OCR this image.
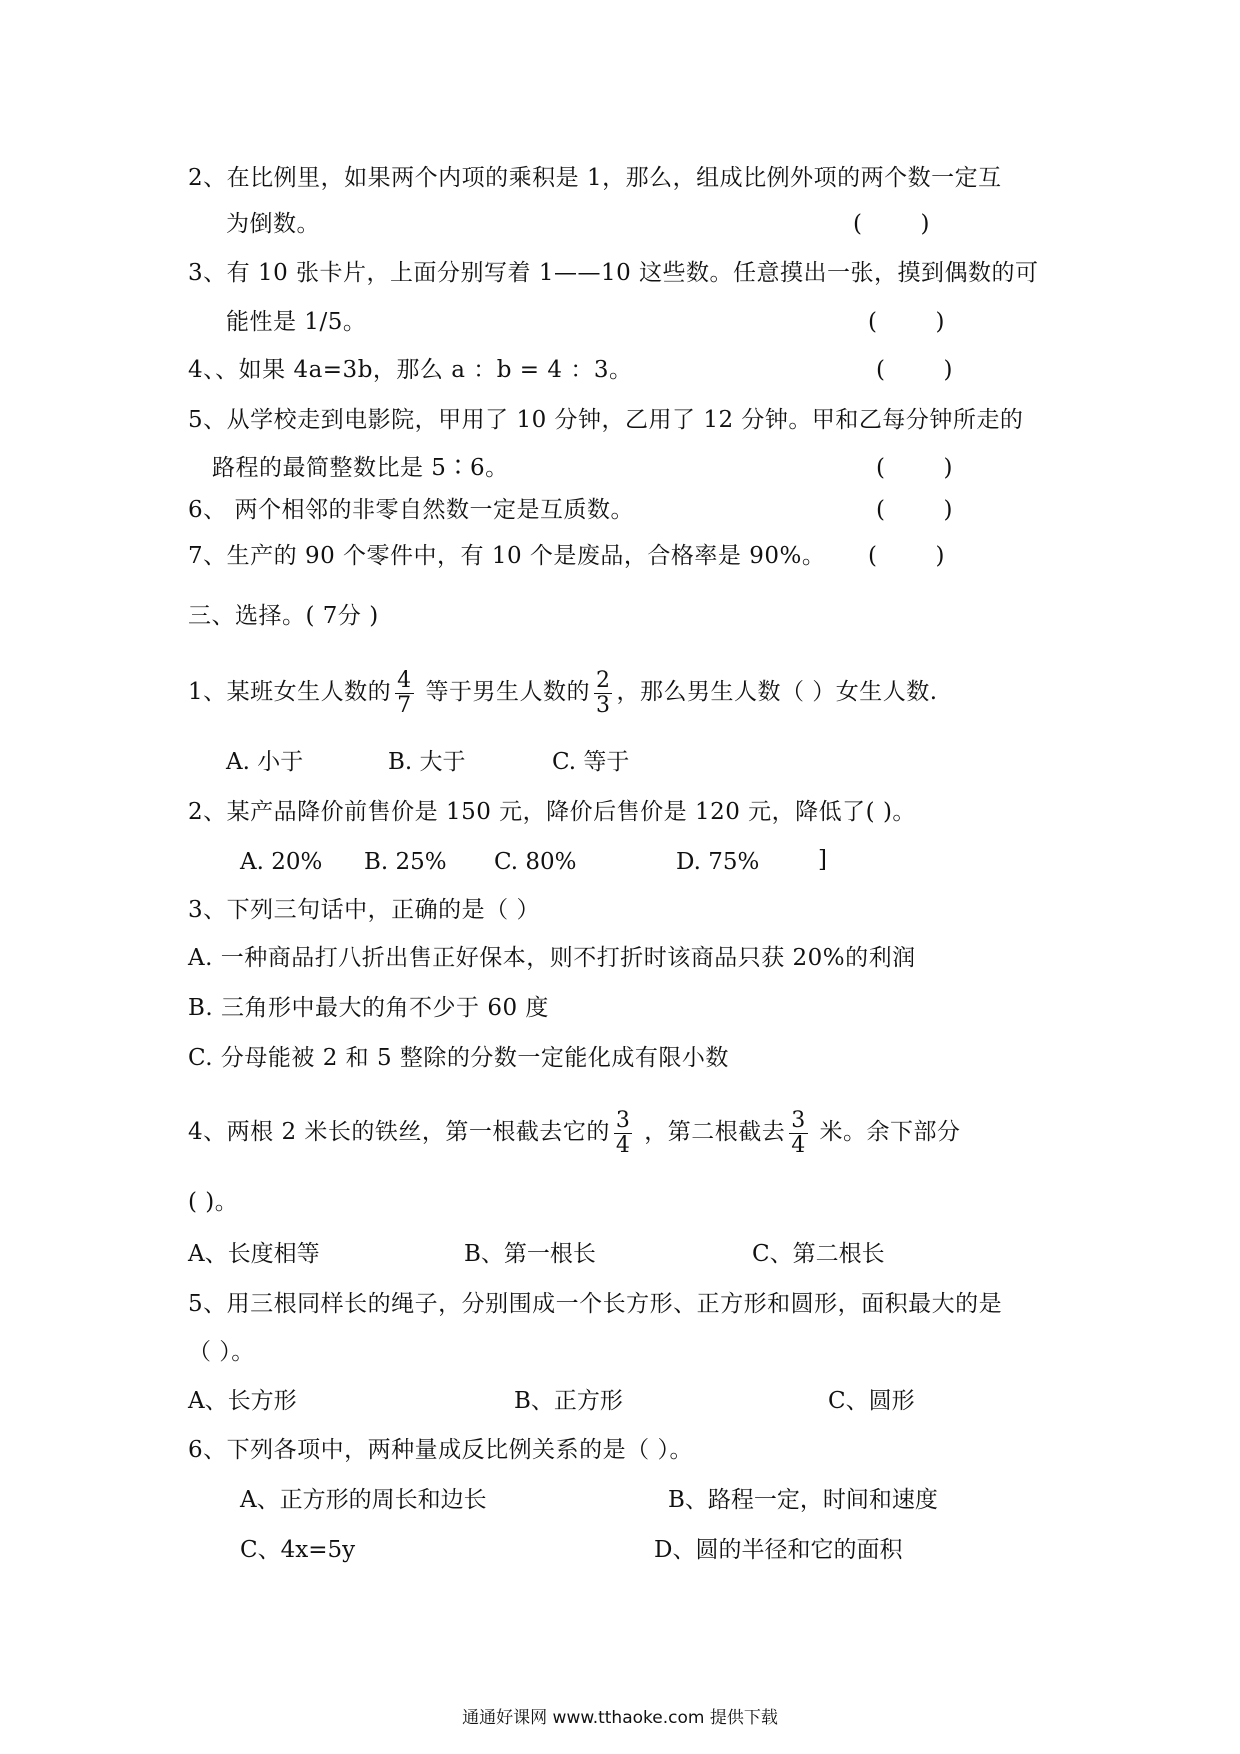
2、在比例里，如果两个内项的乘积是 1，那么，组成比例外项的两个数一定互
为倒数。	(        )
3、有 10 张卡片，上面分别写着 1——10 这些数。任意摸出一张，摸到偶数的可
能性是 1/5。	(        )
4、、如果 4a=3b，那么 a ：b = 4 ：3。	(        )
5、从学校走到电影院，甲用了 10 分钟，乙用了 12 分钟。甲和乙每分钟所走的
路程的最简整数比是 5∶6。	(        )
6、 两个相邻的非零自然数一定是互质数。	(        )
7、生产的 90 个零件中，有 10 个是废品，合格率是 90%。 (        )
三、选择。( 7分 )
1、某班女生人数的 $\frac{4}{7}$ 等于男生人数的 $\frac{2}{3}$ ，那么男生人数（ ）女生人数.
A. 小于	B. 大于	C. 等于
2、某产品降价前售价是 150 元，降价后售价是 120 元，降低了( )。
A. 20% B. 25% C. 80%	D. 75%	]
3、下列三句话中，正确的是（ ）
A. 一种商品打八折出售正好保本，则不打折时该商品只获 20%的利润
B. 三角形中最大的角不少于 60 度
C. 分母能被 2 和 5 整除的分数一定能化成有限小数
4、两根 2 米长的铁丝，第一根截去它的 $\frac{3}{4}$ ，第二根截去 $\frac{3}{4}$ 米。余下部分
( )。
A、长度相等	B、第一根长	C、第二根长
5、用三根同样长的绳子，分别围成一个长方形、正方形和圆形，面积最大的是
（ ）。
A、长方形	B、正方形	C、圆形
6、下列各项中，两种量成反比例关系的是（ ）。
A、正方形的周长和边长	B、路程一定，时间和速度
C、4x=5y	D、圆的半径和它的面积
通通好课网 www.tthaoke.com 提供下载
